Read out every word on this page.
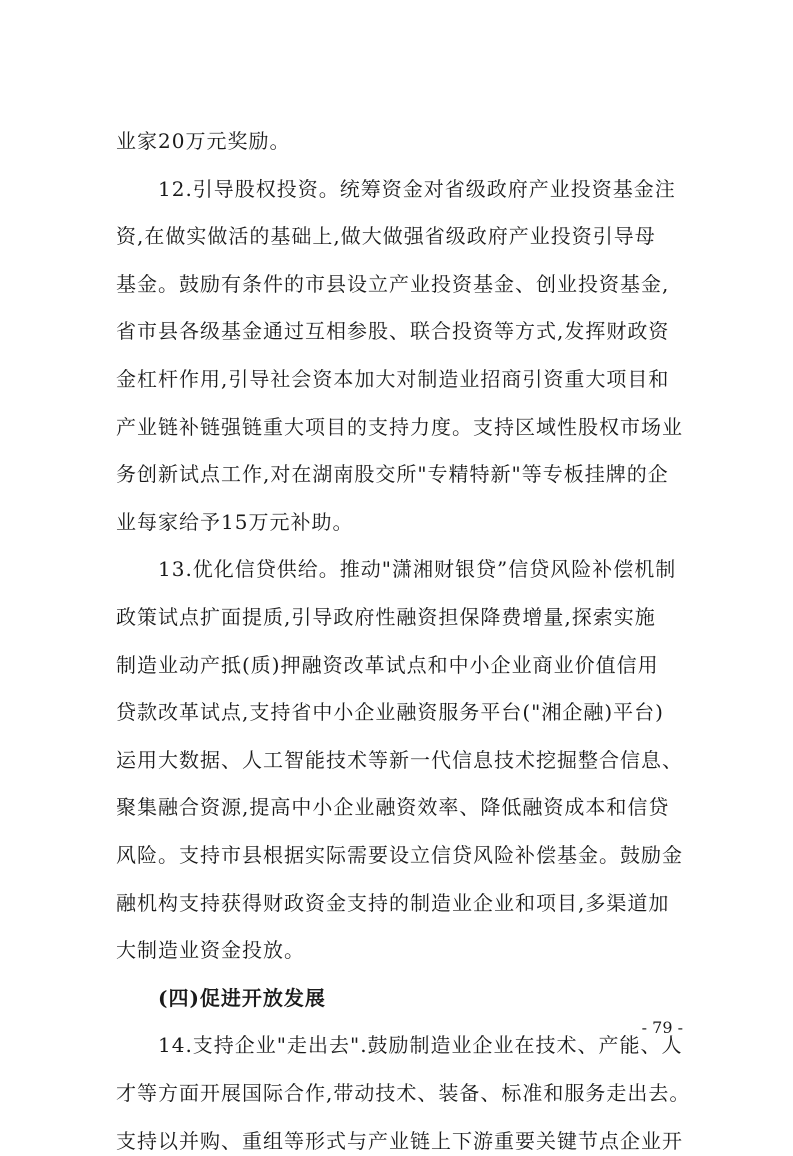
业家20万元奖励。
12.引导股权投资。统筹资金对省级政府产业投资基金注
资,在做实做活的基础上,做大做强省级政府产业投资引导母
基金。鼓励有条件的市县设立产业投资基金、创业投资基金,
省市县各级基金通过互相参股、联合投资等方式,发挥财政资
金杠杆作用,引导社会资本加大对制造业招商引资重大项目和
产业链补链强链重大项目的支持力度。支持区域性股权市场业
务创新试点工作,对在湖南股交所"专精特新"等专板挂牌的企
业每家给予15万元补助。
13.优化信贷供给。推动"潇湘财银贷”信贷风险补偿机制
政策试点扩面提质,引导政府性融资担保降费增量,探索实施
制造业动产抵(质)押融资改革试点和中小企业商业价值信用
贷款改革试点,支持省中小企业融资服务平台("湘企融)平台)
运用大数据、人工智能技术等新一代信息技术挖掘整合信息、
聚集融合资源,提高中小企业融资效率、降低融资成本和信贷
风险。支持市县根据实际需要设立信贷风险补偿基金。鼓励金
融机构支持获得财政资金支持的制造业企业和项目,多渠道加
大制造业资金投放。
(四)促进开放发展
14.支持企业"走出去".鼓励制造业企业在技术、产能、人
才等方面开展国际合作,带动技术、装备、标准和服务走出去。
支持以并购、重组等形式与产业链上下游重要关键节点企业开
- 79 -
